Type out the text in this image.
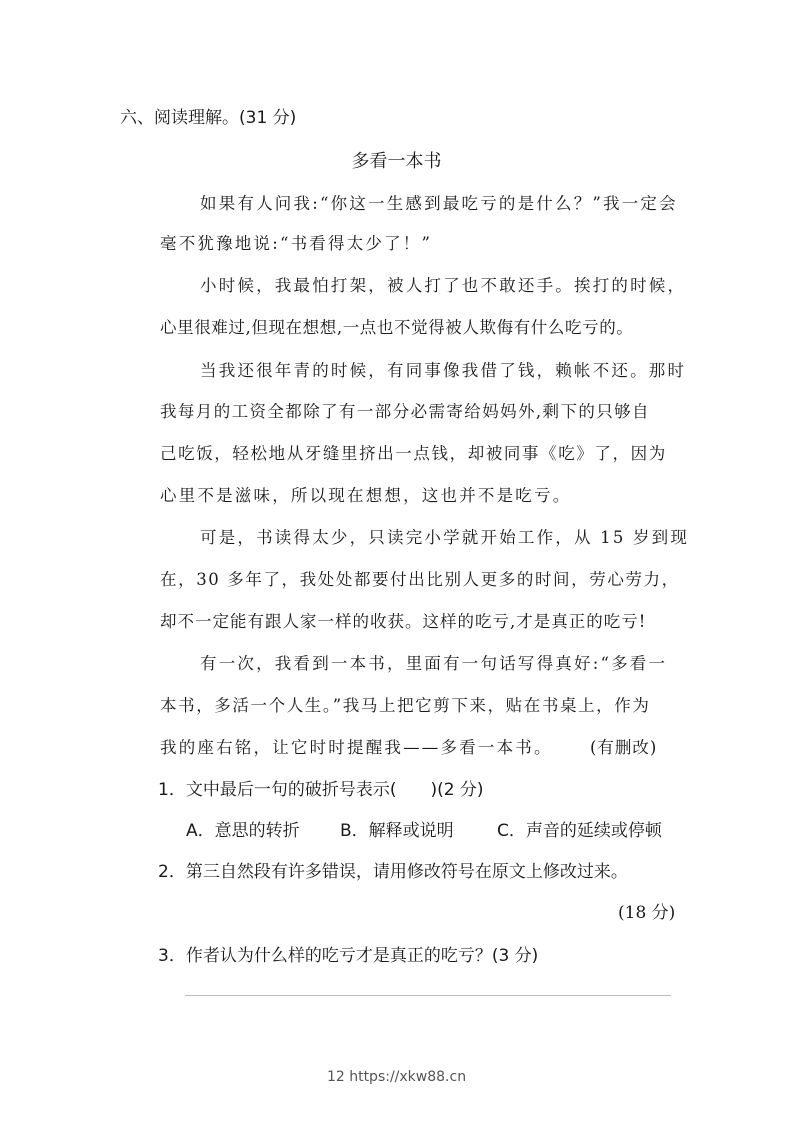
六、阅读理解。(31 分)
多看一本书
如果有人问我:“你这一生感到最吃亏的是什么？”我一定会
毫不犹豫地说:“书看得太少了！”
小时候，我最怕打架，被人打了也不敢还手。挨打的时候，
心里很难过,但现在想想,一点也不觉得被人欺侮有什么吃亏的。
当我还很年青的时候，有同事像我借了钱，赖帐不还。那时
我每月的工资全都除了有一部分必需寄给妈妈外,剩下的只够自
己吃饭，轻松地从牙缝里挤出一点钱，却被同事《吃》了，因为
心里不是滋味，所以现在想想，这也并不是吃亏。
可是，书读得太少，只读完小学就开始工作，从 15 岁到现
在，30 多年了，我处处都要付出比别人更多的时间，劳心劳力，
却不一定能有跟人家一样的收获。这样的吃亏,才是真正的吃亏!
有一次，我看到一本书，里面有一句话写得真好:“多看一
本书，多活一个人生。”我马上把它剪下来，贴在书桌上，作为
我的座右铭，让它时时提醒我——多看一本书。 (有删改)
1．文中最后一句的破折号表示(　　)(2 分)
A．意思的转折 B．解释或说明	C．声音的延续或停顿
2．第三自然段有许多错误，请用修改符号在原文上修改过来。
(18 分)
3．作者认为什么样的吃亏才是真正的吃亏？(3 分)
12 https://xkw88.cn
